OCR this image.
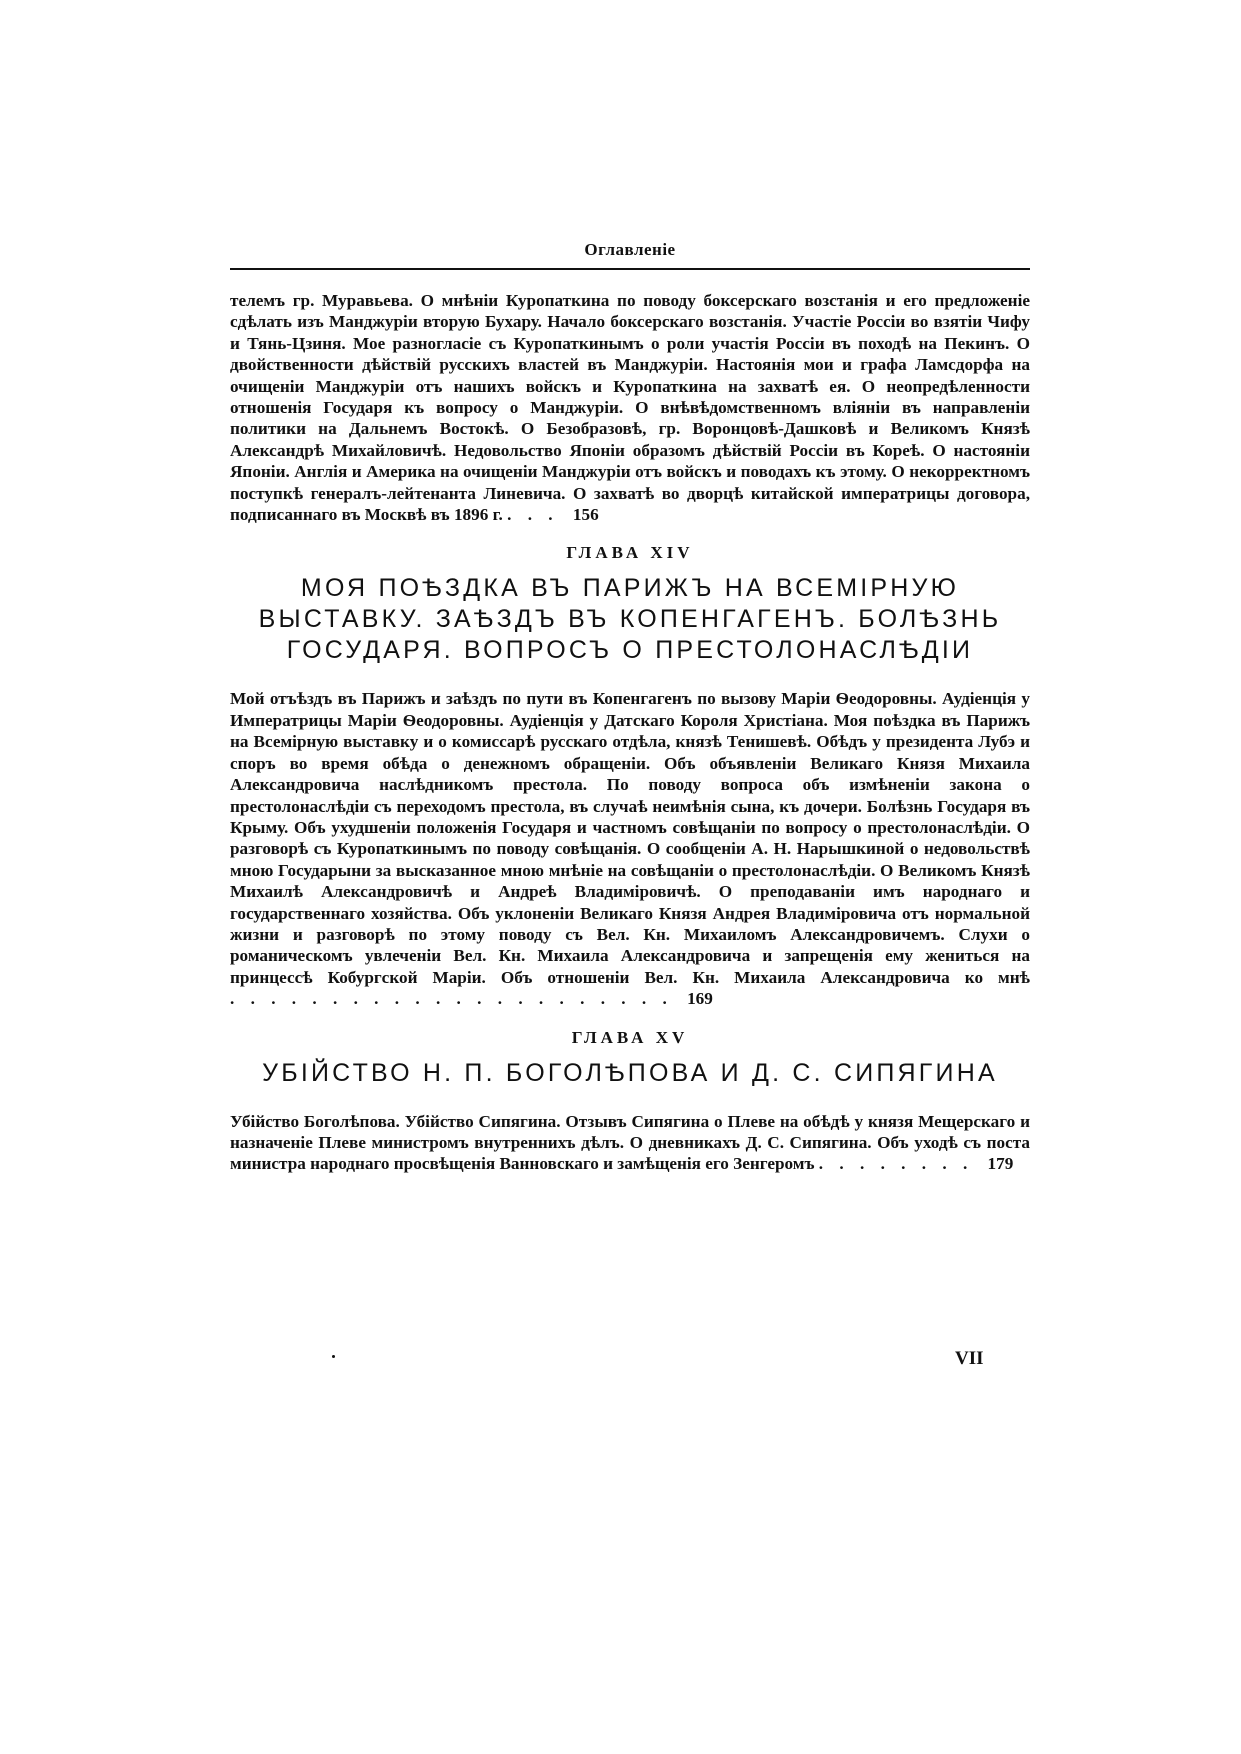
Оглавленіе
телемъ гр. Муравьева. О мнѣніи Куропаткина по поводу боксерскаго возстанія и его предложеніе сдѣлать изъ Манджуріи вторую Бухару. Начало боксерскаго возстанія. Участіе Россіи во взятіи Чифу и Тянь-Цзиня. Мое разногласіе съ Куропаткинымъ о роли участія Россіи въ походѣ на Пекинъ. О двойственности дѣйствій русскихъ властей въ Манджуріи. Настоянія мои и графа Ламсдорфа на очищеніи Манджуріи отъ нашихъ войскъ и Куропаткина на захватѣ ея. О неопредѣленности отношенія Государя къ вопросу о Манджуріи. О внѣвѣдомственномъ вліяніи въ направленіи политики на Дальнемъ Востокѣ. О Безобразовѣ, гр. Воронцовѣ-Дашковѣ и Великомъ Князѣ Александрѣ Михайловичѣ. Недовольство Японіи образомъ дѣйствій Россіи въ Кореѣ. О настояніи Японіи. Англія и Америка на очищеніи Манджуріи отъ войскъ и поводахъ къ этому. О некорректномъ поступкѣ генералъ-лейтенанта Линевича. О захватѣ во дворцѣ китайской императрицы договора, подписаннаго въ Москвѣ въ 1896 г. . . . 156
ГЛАВА XIV
МОЯ ПОѢЗДКА ВЪ ПАРИЖЪ НА ВСЕМІРНУЮ ВЫСТАВКУ. ЗАѢЗДЪ ВЪ КОПЕНГАГЕНЪ. БОЛѢЗНЬ ГОСУДАРЯ. ВОПРОСЪ О ПРЕСТОЛОНАСЛѢДІИ
Мой отъѣздъ въ Парижъ и заѣздъ по пути въ Копенгагенъ по вызову Маріи Ѳеодоровны. Аудіенція у Императрицы Маріи Ѳеодоровны. Аудіенція у Датскаго Короля Христіана. Моя поѣздка въ Парижъ на Всемірную выставку и о комиссарѣ русскаго отдѣла, князѣ Тенишевѣ. Обѣдъ у президента Лубэ и споръ во время обѣда о денежномъ обращеніи. Объ объявленіи Великаго Князя Михаила Александровича наслѣдникомъ престола. По поводу вопроса объ измѣненіи закона о престолонаслѣдіи съ переходомъ престола, въ случаѣ неимѣнія сына, къ дочери. Болѣзнь Государя въ Крыму. Объ ухудшеніи положенія Государя и частномъ совѣщаніи по вопросу о престолонаслѣдіи. О разговорѣ съ Куропаткинымъ по поводу совѣщанія. О сообщеніи А. Н. Нарышкиной о недовольствѣ мною Государыни за высказанное мною мнѣніе на совѣщаніи о престолонаслѣдіи. О Великомъ Князѣ Михаилѣ Александровичѣ и Андреѣ Владиміровичѣ. О преподаваніи имъ народнаго и государственнаго хозяйства. Объ уклоненіи Великаго Князя Андрея Владиміровича отъ нормальной жизни и разговорѣ по этому поводу съ Вел. Кн. Михаиломъ Александровичемъ. Слухи о романическомъ увлеченіи Вел. Кн. Михаила Александровича и запрещенія ему жениться на принцессѣ Кобургской Маріи. Объ отношеніи Вел. Кн. Михаила Александровича ко мнѣ . . . . . . . . . . . . . . . . . . . . . . 169
ГЛАВА XV
УБІЙСТВО Н. П. БОГОЛѢПОВА И Д. С. СИПЯГИНА
Убійство Боголѣпова. Убійство Сипягина. Отзывъ Сипягина о Плеве на обѣдѣ у князя Мещерскаго и назначеніе Плеве министромъ внутреннихъ дѣлъ. О дневникахъ Д. С. Сипягина. Объ уходѣ съ поста министра народнаго просвѣщенія Ванновскаго и замѣщенія его Зенгеромъ . . . . . . . . 179
VII
